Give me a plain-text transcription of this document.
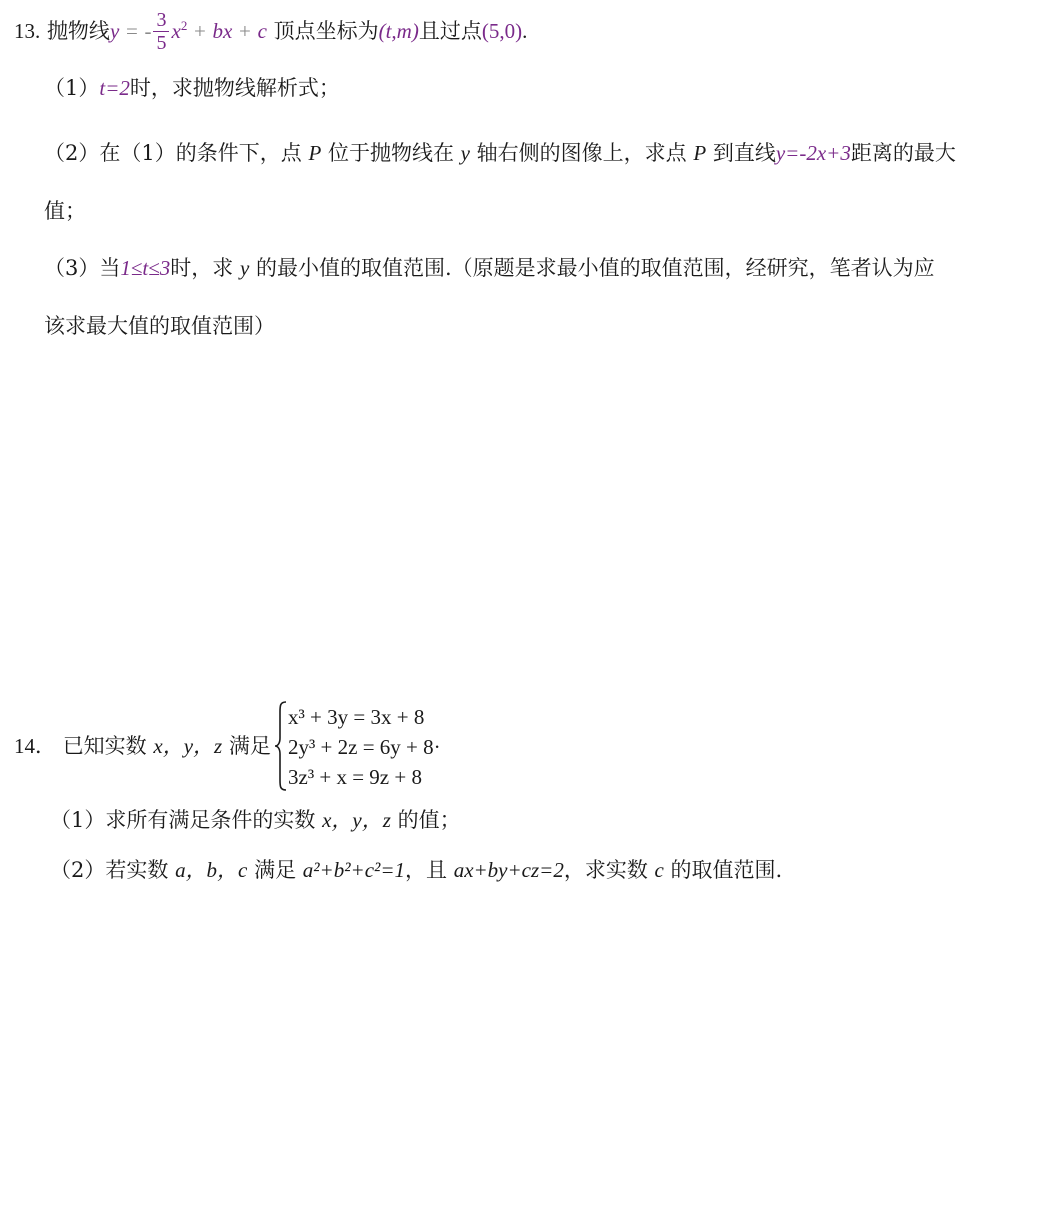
13. 抛物线y = - $\frac{3}{5} x^2$ + bx + c 顶点坐标为(t,m)且过点(5,0).
（1）t=2时，求抛物线解析式；
（2）在（1）的条件下，点 P 位于抛物线在 y 轴右侧的图像上，求点 P 到直线y=-2x+3距离的最大
值；
（3）当1≤t≤3时，求 y 的最小值的取值范围.（原题是求最小值的取值范围，经研究，笔者认为应
该求最大值的取值范围）
14． 已知实数 x，y，z 满足
x³ + 3y = 3x + 8
2y³ + 2z = 6y + 8·
3z³ + x = 9z + 8
（1）求所有满足条件的实数 x，y，z 的值；
（2）若实数 a，b，c 满足 a²+b²+c²=1，且 ax+by+cz=2，求实数 c 的取值范围.
